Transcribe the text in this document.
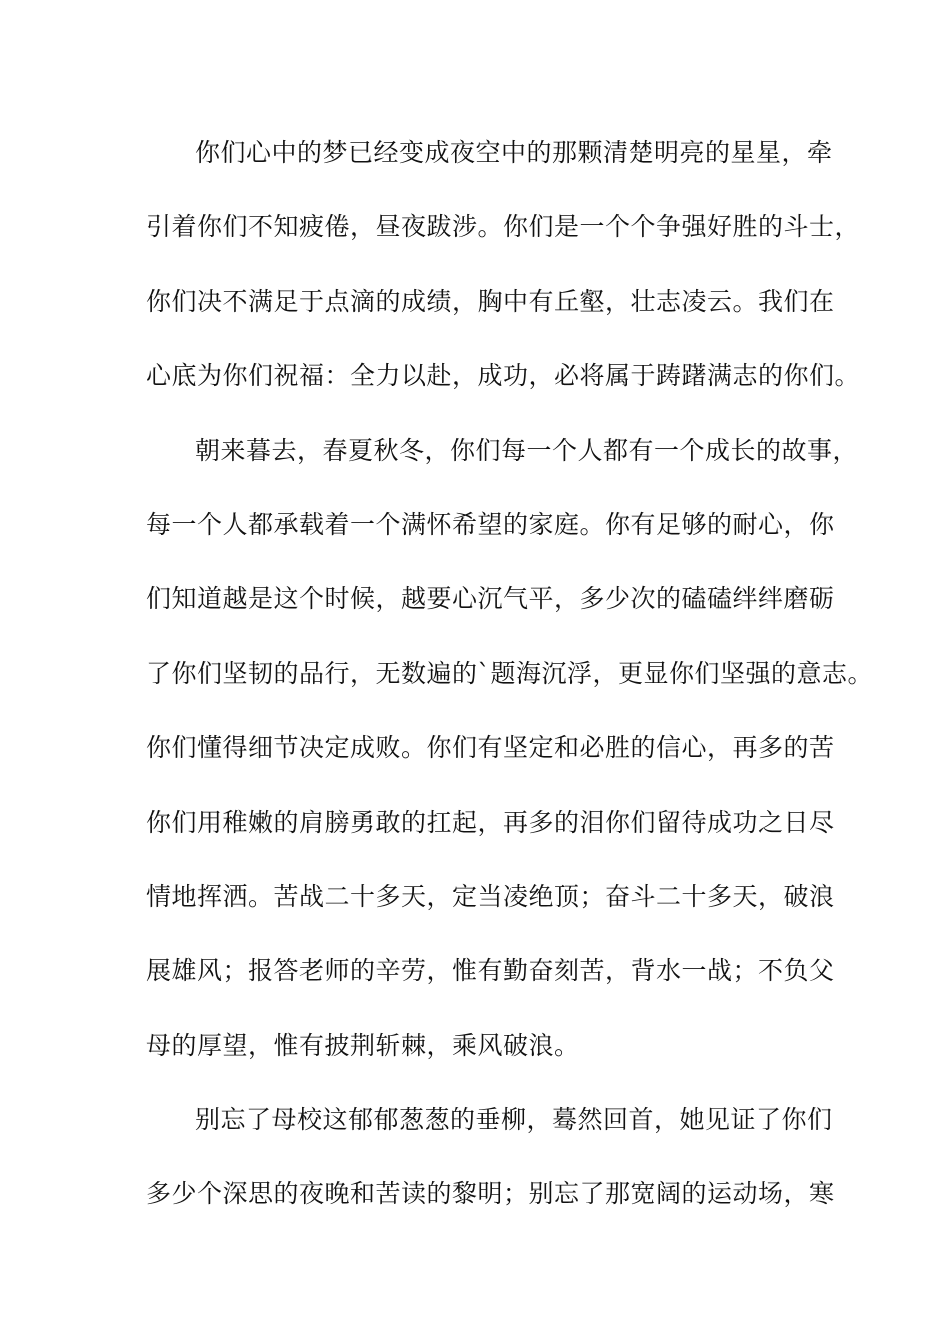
你们心中的梦已经变成夜空中的那颗清楚明亮的星星，牵
引着你们不知疲倦，昼夜跋涉。你们是一个个争强好胜的斗士，
你们决不满足于点滴的成绩，胸中有丘壑，壮志凌云。我们在
心底为你们祝福：全力以赴，成功，必将属于踌躇满志的你们。
朝来暮去，春夏秋冬，你们每一个人都有一个成长的故事，
每一个人都承载着一个满怀希望的家庭。你有足够的耐心，你
们知道越是这个时候，越要心沉气平，多少次的磕磕绊绊磨砺
了你们坚韧的品行，无数遍的`题海沉浮，更显你们坚强的意志。
你们懂得细节决定成败。你们有坚定和必胜的信心，再多的苦
你们用稚嫩的肩膀勇敢的扛起，再多的泪你们留待成功之日尽
情地挥洒。苦战二十多天，定当凌绝顶；奋斗二十多天，破浪
展雄风；报答老师的辛劳，惟有勤奋刻苦，背水一战；不负父
母的厚望，惟有披荆斩棘，乘风破浪。
别忘了母校这郁郁葱葱的垂柳，蓦然回首，她见证了你们
多少个深思的夜晚和苦读的黎明；别忘了那宽阔的运动场，寒
